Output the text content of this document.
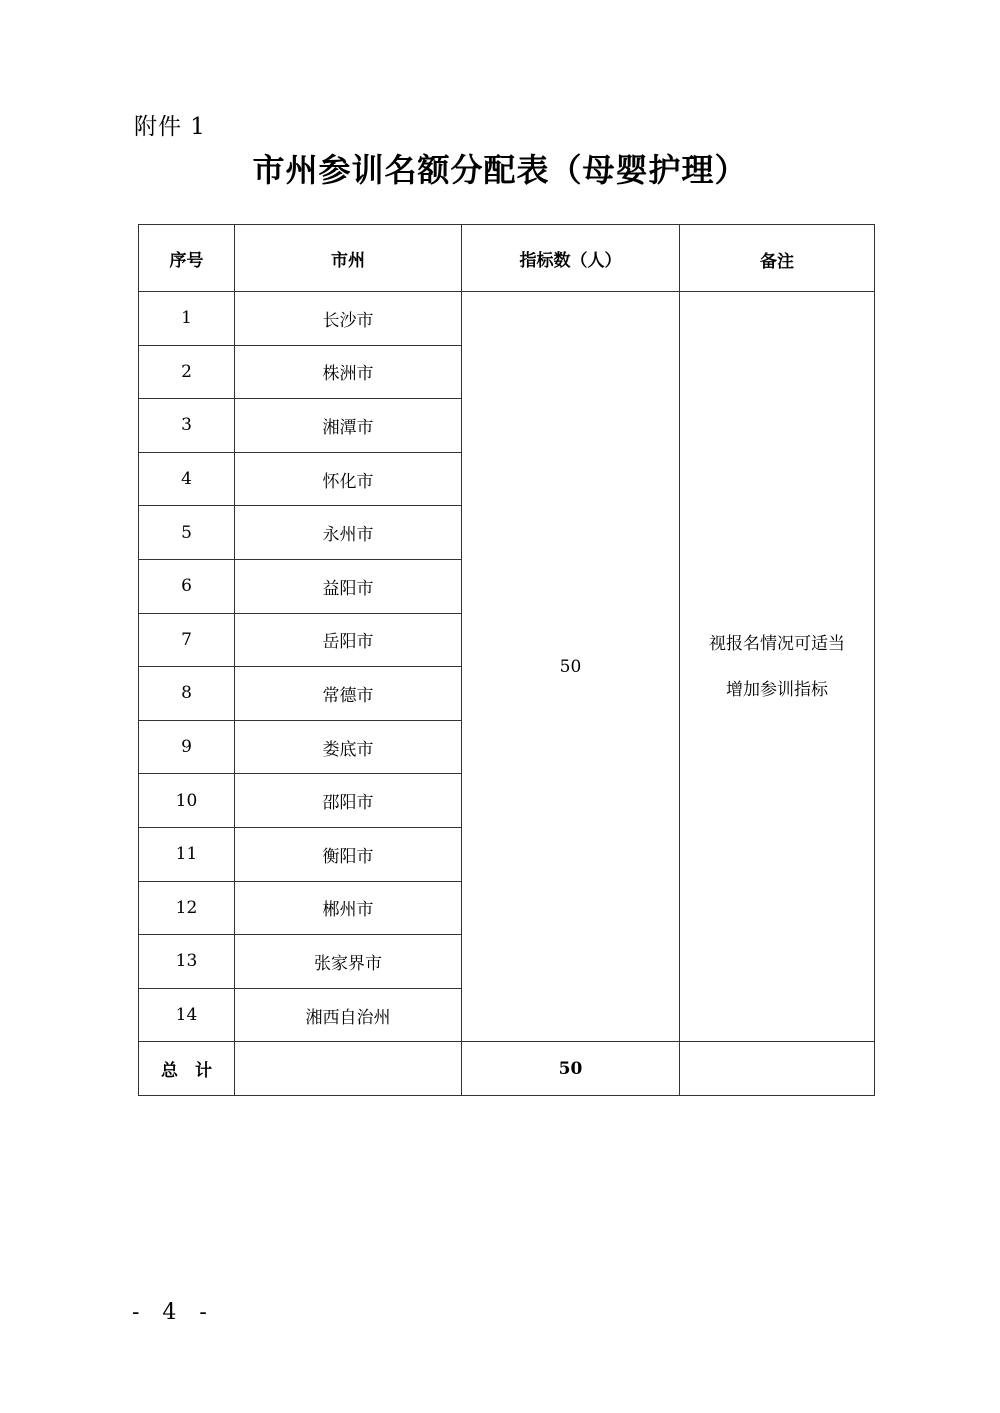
附件 1
市州参训名额分配表（母婴护理）
序号	市州	指标数（人）	备注
1	长沙市	50	视报名情况可适当
增加参训指标

2	株洲市		
3	湘潭市		
4	怀化市		
5	永州市		
6	益阳市		
7	岳阳市		
8	常德市		
9	娄底市		
10	邵阳市		
11	衡阳市		
12	郴州市		
13	张家界市		
14	湘西自治州		
总　计		50	
- 4 -
